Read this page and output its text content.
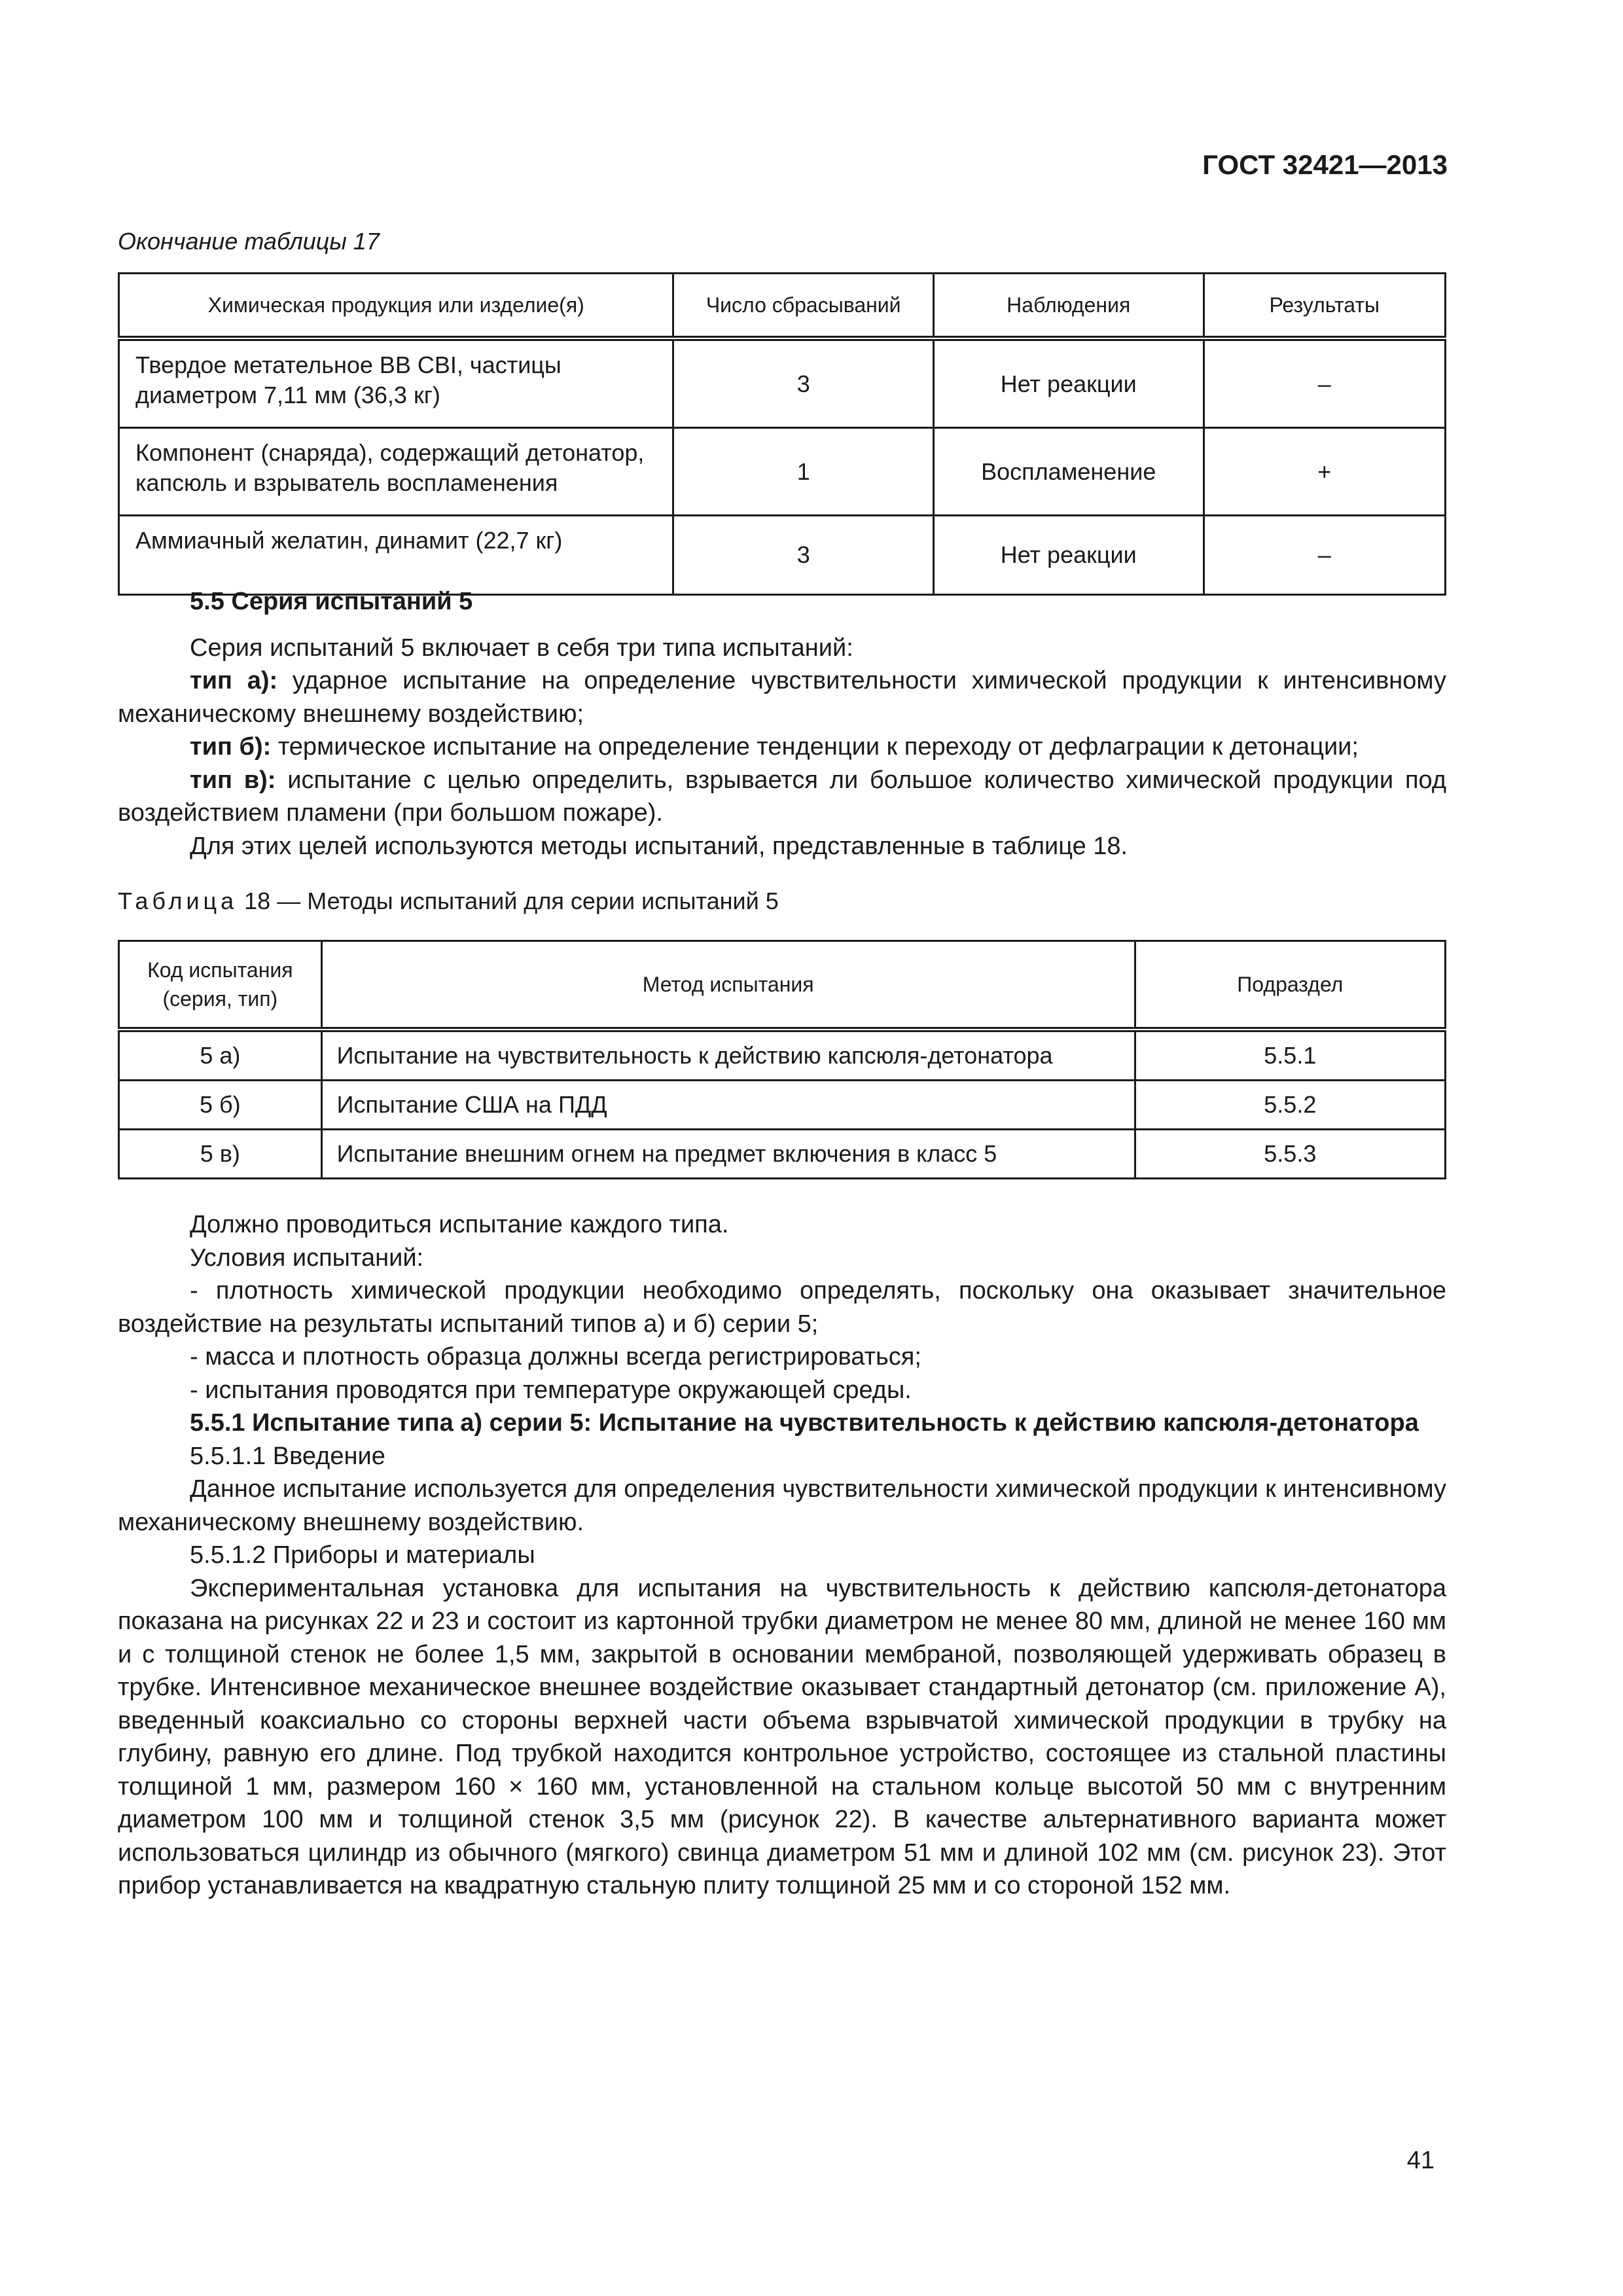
ГОСТ 32421—2013
Окончание таблицы 17
Химическая продукция или изделие(я)	Число сбрасываний	Наблюдения	Результаты
Твердое метательное ВВ CBI, частицы диаметром 7,11 мм (36,3 кг)	3	Нет реакции	–
Компонент (снаряда), содержащий детонатор, капсюль и взрыватель воспламенения	1	Воспламенение	+
Аммиачный желатин, динамит (22,7 кг)	3	Нет реакции	–

5.5 Серия испытаний 5

Серия испытаний 5 включает в себя три типа испытаний:

тип а): ударное испытание на определение чувствительности химической продукции к интенсивному механическому внешнему воздействию;

тип б): термическое испытание на определение тенденции к переходу от дефлаграции к детонации;

тип в): испытание с целью определить, взрывается ли большое количество химической продукции под воздействием пламени (при большом пожаре).

Для этих целей используются методы испытаний, представленные в таблице 18.

Таблица 18 — Методы испытаний для серии испытаний 5
Код испытания
(серия, тип)	Метод испытания	Подраздел
5 а)	Испытание на чувствительность к действию капсюля-детонатора	5.5.1
5 б)	Испытание США на ПДД	5.5.2
5 в)	Испытание внешним огнем на предмет включения в класс 5	5.5.3

Должно проводиться испытание каждого типа.

Условия испытаний:

- плотность химической продукции необходимо определять, поскольку она оказывает значительное воздействие на результаты испытаний типов а) и б) серии 5;

- масса и плотность образца должны всегда регистрироваться;

- испытания проводятся при температуре окружающей среды.

5.5.1 Испытание типа а) серии 5: Испытание на чувствительность к действию капсюля-детонатора

5.5.1.1 Введение

Данное испытание используется для определения чувствительности химической продукции к интенсивному механическому внешнему воздействию.

5.5.1.2 Приборы и материалы

Экспериментальная установка для испытания на чувствительность к действию капсюля-детонатора показана на рисунках 22 и 23 и состоит из картонной трубки диаметром не менее 80 мм, длиной не менее 160 мм и с толщиной стенок не более 1,5 мм, закрытой в основании мембраной, позволяющей удерживать образец в трубке. Интенсивное механическое внешнее воздействие оказывает стандартный детонатор (см. приложение А), введенный коаксиально со стороны верхней части объема взрывчатой химической продукции в трубку на глубину, равную его длине. Под трубкой находится контрольное устройство, состоящее из стальной пластины толщиной 1 мм, размером 160 × 160 мм, установленной на стальном кольце высотой 50 мм с внутренним диаметром 100 мм и толщиной стенок 3,5 мм (рисунок 22). В качестве альтернативного варианта может использоваться цилиндр из обычного (мягкого) свинца диаметром 51 мм и длиной 102 мм (см. рисунок 23). Этот прибор устанавливается на квадратную стальную плиту толщиной 25 мм и со стороной 152 мм.

41
